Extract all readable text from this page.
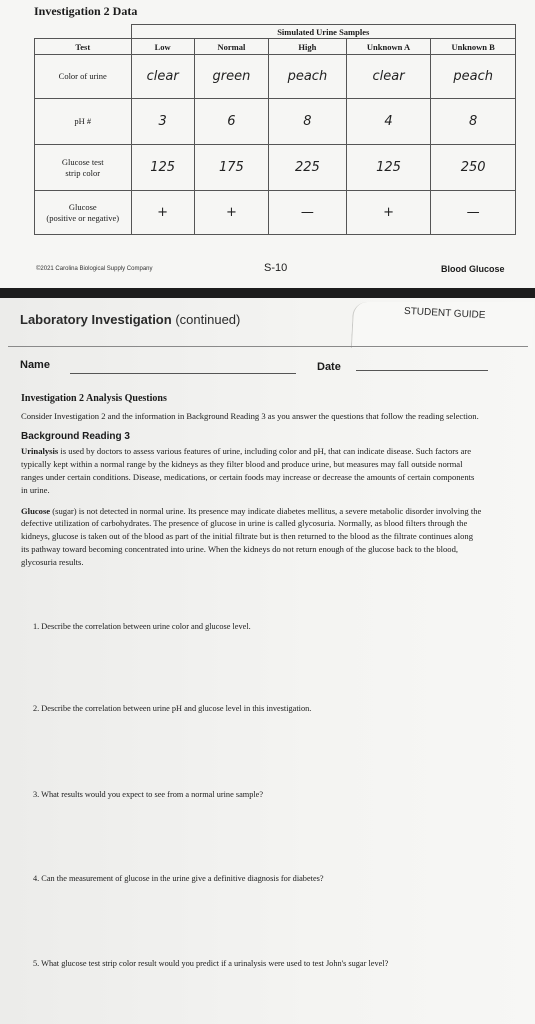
Investigation 2 Data
	Simulated Urine Samples				
Test	Low	Normal	High	Unknown A	Unknown B
Color of urine	clear	green	peach	clear	peach
pH #	3	6	8	4	8

Glucose test
strip color	125	175	225	125	250

Glucose
(positive or negative)	+	+	—	+	—
©2021 Carolina Biological Supply Company	S-10	Blood Glucose
STUDENT GUIDE
Laboratory Investigation (continued)
Name	Date
Investigation 2 Analysis Questions
Consider Investigation 2 and the information in Background Reading 3 as you answer the questions that follow the reading selection.
Background Reading 3
Urinalysis is used by doctors to assess various features of urine, including color and pH, that can indicate disease. Such factors are typically kept within a normal range by the kidneys as they filter blood and produce urine, but measures may fall outside normal ranges under certain conditions. Disease, medications, or certain foods may increase or decrease the amounts of certain components in urine.
Glucose (sugar) is not detected in normal urine. Its presence may indicate diabetes mellitus, a severe metabolic disorder involving the defective utilization of carbohydrates. The presence of glucose in urine is called glycosuria. Normally, as blood filters through the kidneys, glucose is taken out of the blood as part of the initial filtrate but is then returned to the blood as the filtrate continues along its pathway toward becoming concentrated into urine. When the kidneys do not return enough of the glucose back to the blood, glycosuria results.
1. Describe the correlation between urine color and glucose level.
2. Describe the correlation between urine pH and glucose level in this investigation.
3. What results would you expect to see from a normal urine sample?
4. Can the measurement of glucose in the urine give a definitive diagnosis for diabetes?
5. What glucose test strip color result would you predict if a urinalysis were used to test John's sugar level?
